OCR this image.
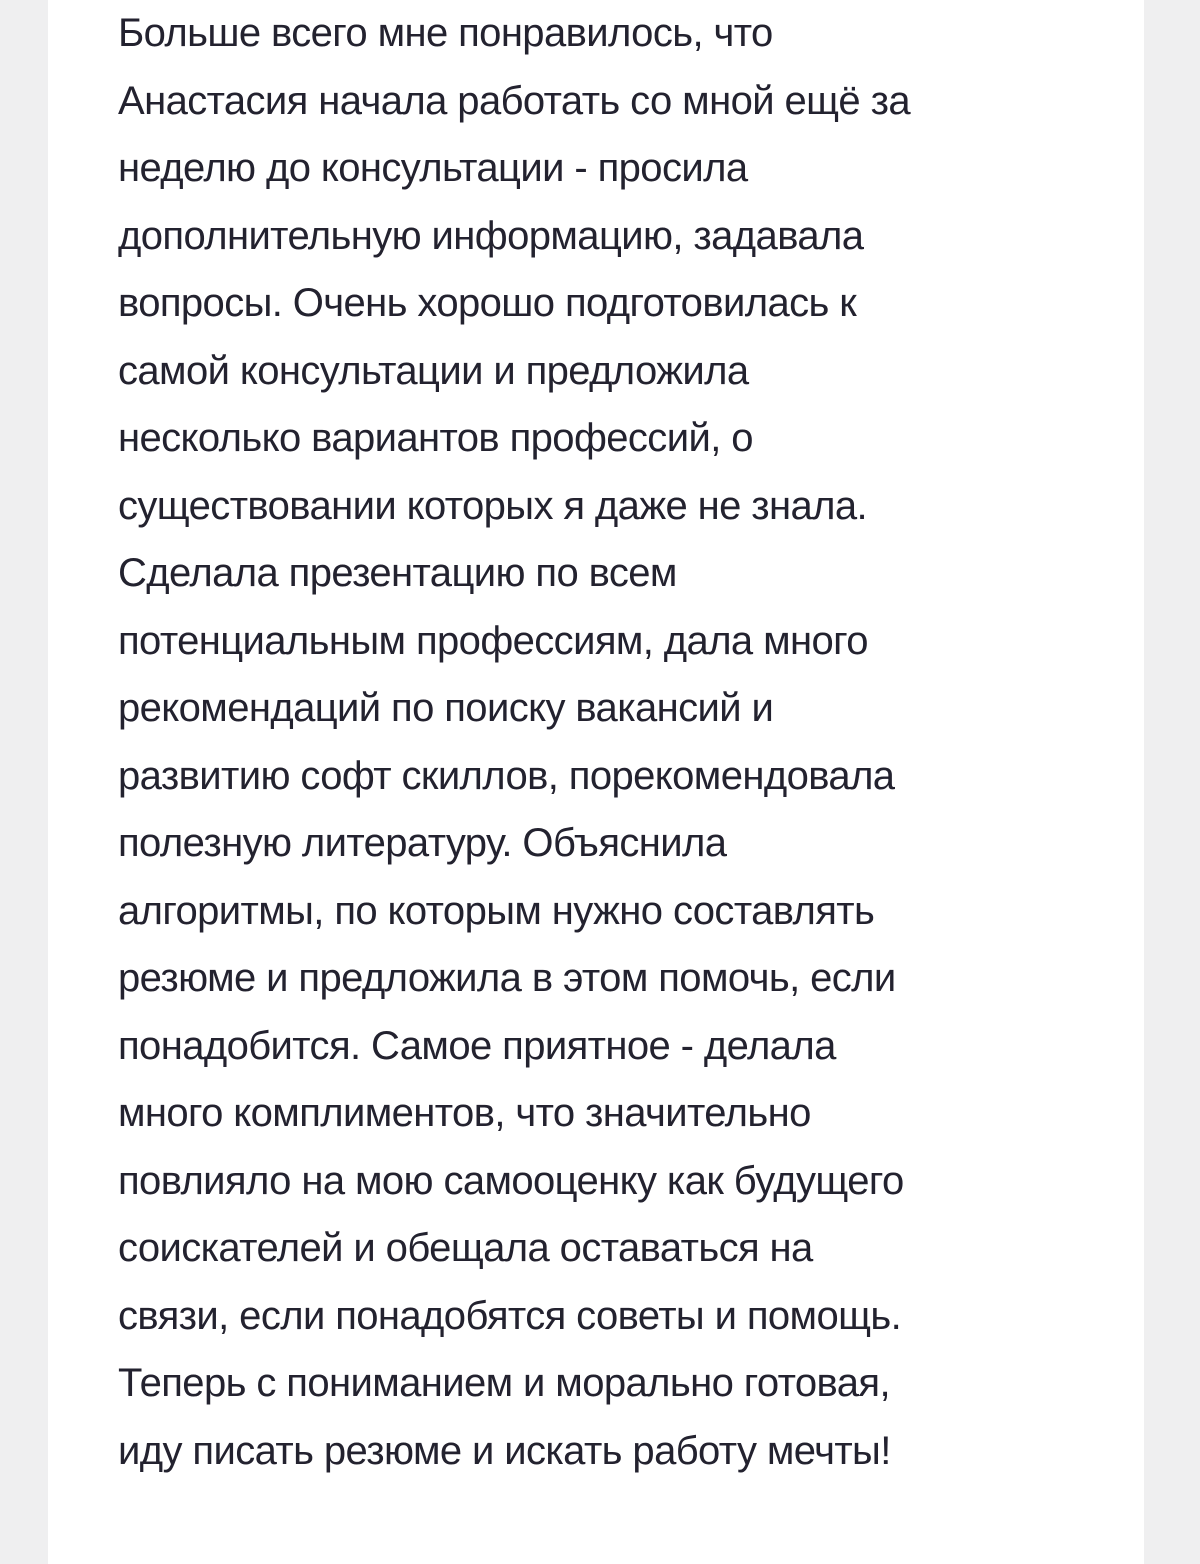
Больше всего мне понравилось, что
Анастасия начала работать со мной ещё за
неделю до консультации - просила
дополнительную информацию, задавала
вопросы. Очень хорошо подготовилась к
самой консультации и предложила
несколько вариантов профессий, о
существовании которых я даже не знала.
Сделала презентацию по всем
потенциальным профессиям, дала много
рекомендаций по поиску вакансий и
развитию софт скиллов, порекомендовала
полезную литературу. Объяснила
алгоритмы, по которым нужно составлять
резюме и предложила в этом помочь, если
понадобится. Самое приятное - делала
много комплиментов, что значительно
повлияло на мою самооценку как будущего
соискателей и обещала оставаться на
связи, если понадобятся советы и помощь.
Теперь с пониманием и морально готовая,
иду писать резюме и искать работу мечты!
